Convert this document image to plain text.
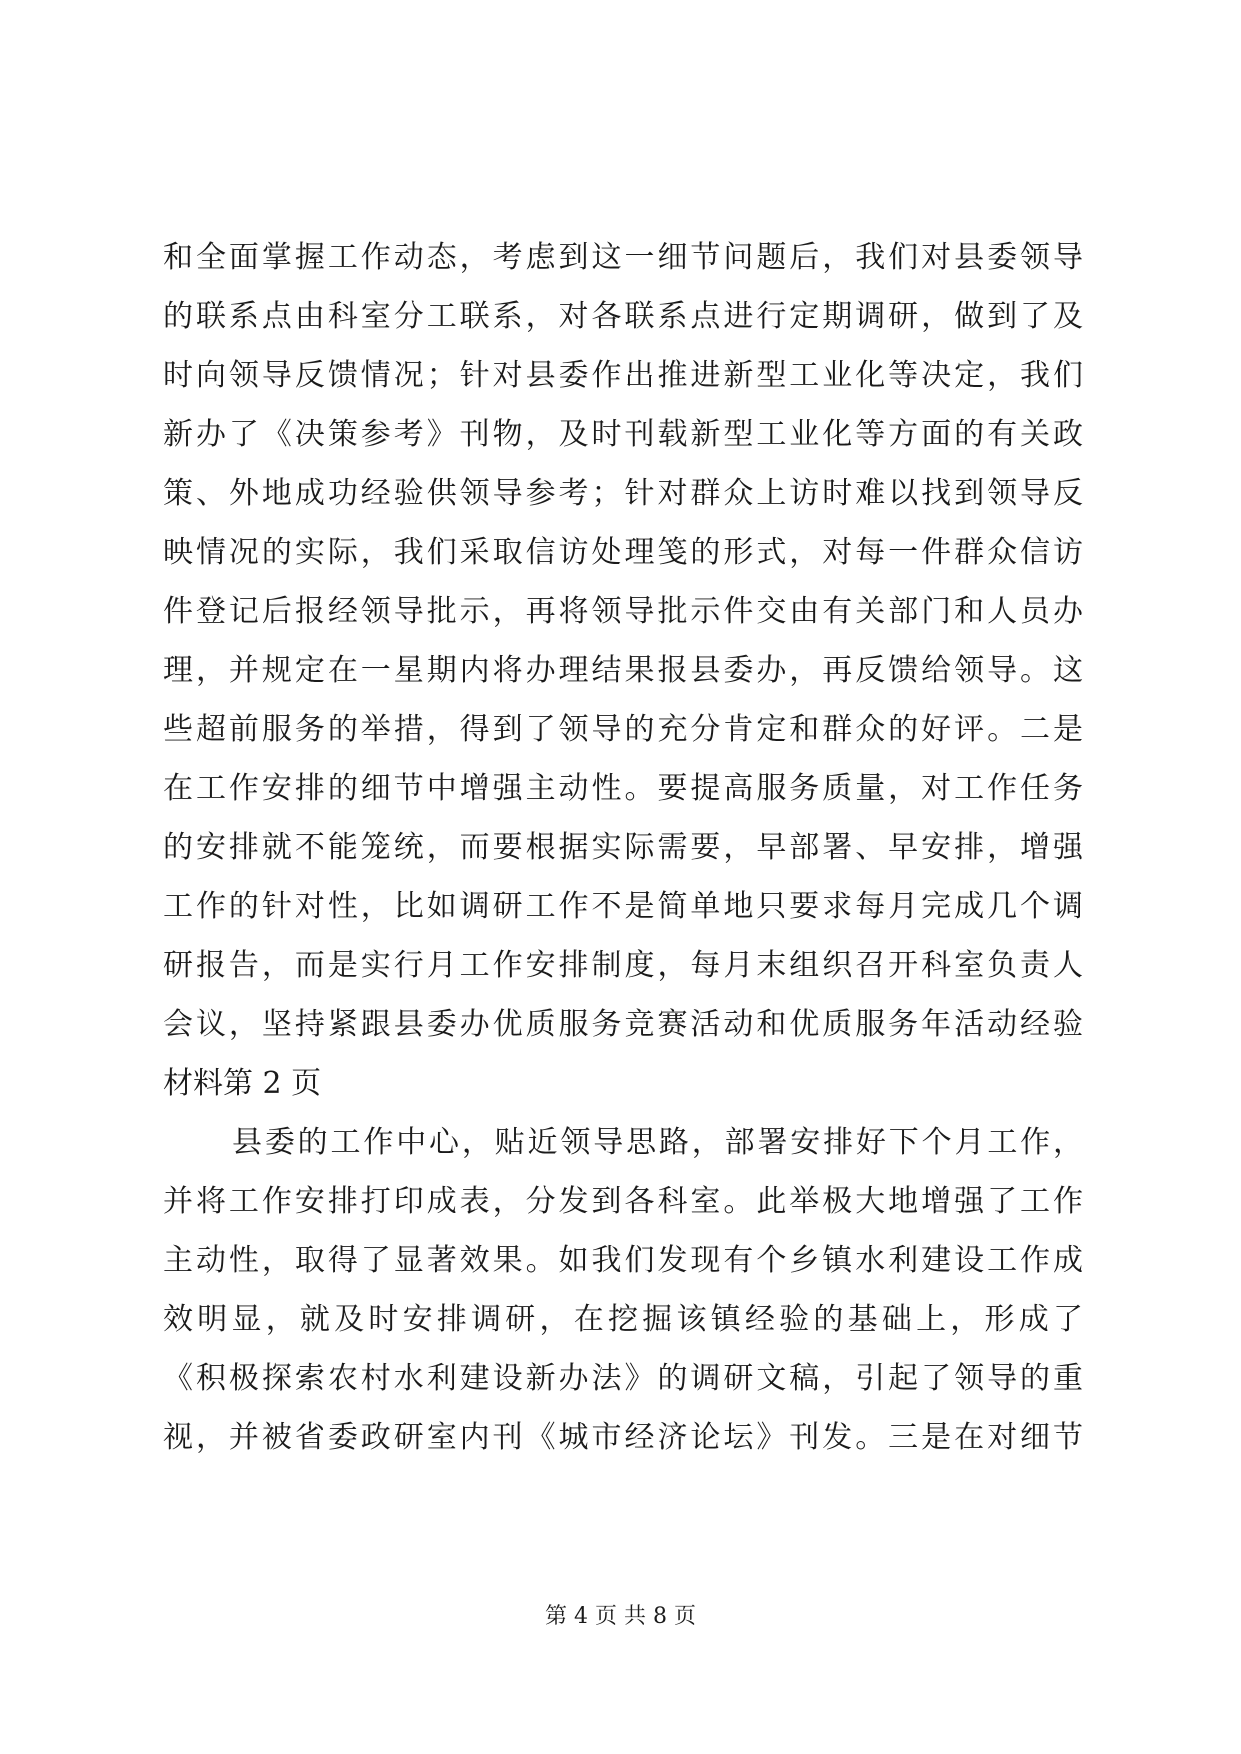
和全面掌握工作动态，考虑到这一细节问题后，我们对县委领导
的联系点由科室分工联系，对各联系点进行定期调研，做到了及
时向领导反馈情况；针对县委作出推进新型工业化等决定，我们
新办了《决策参考》刊物，及时刊载新型工业化等方面的有关政
策、外地成功经验供领导参考；针对群众上访时难以找到领导反
映情况的实际，我们采取信访处理笺的形式，对每一件群众信访
件登记后报经领导批示，再将领导批示件交由有关部门和人员办
理，并规定在一星期内将办理结果报县委办，再反馈给领导。这
些超前服务的举措，得到了领导的充分肯定和群众的好评。二是
在工作安排的细节中增强主动性。要提高服务质量，对工作任务
的安排就不能笼统，而要根据实际需要，早部署、早安排，增强
工作的针对性，比如调研工作不是简单地只要求每月完成几个调
研报告，而是实行月工作安排制度，每月末组织召开科室负责人
会议，坚持紧跟县委办优质服务竞赛活动和优质服务年活动经验
材料第 2 页
县委的工作中心，贴近领导思路，部署安排好下个月工作，
并将工作安排打印成表，分发到各科室。此举极大地增强了工作
主动性，取得了显著效果。如我们发现有个乡镇水利建设工作成
效明显，就及时安排调研，在挖掘该镇经验的基础上，形成了
《积极探索农村水利建设新办法》的调研文稿，引起了领导的重
视，并被省委政研室内刊《城市经济论坛》刊发。三是在对细节
第 4 页 共 8 页
